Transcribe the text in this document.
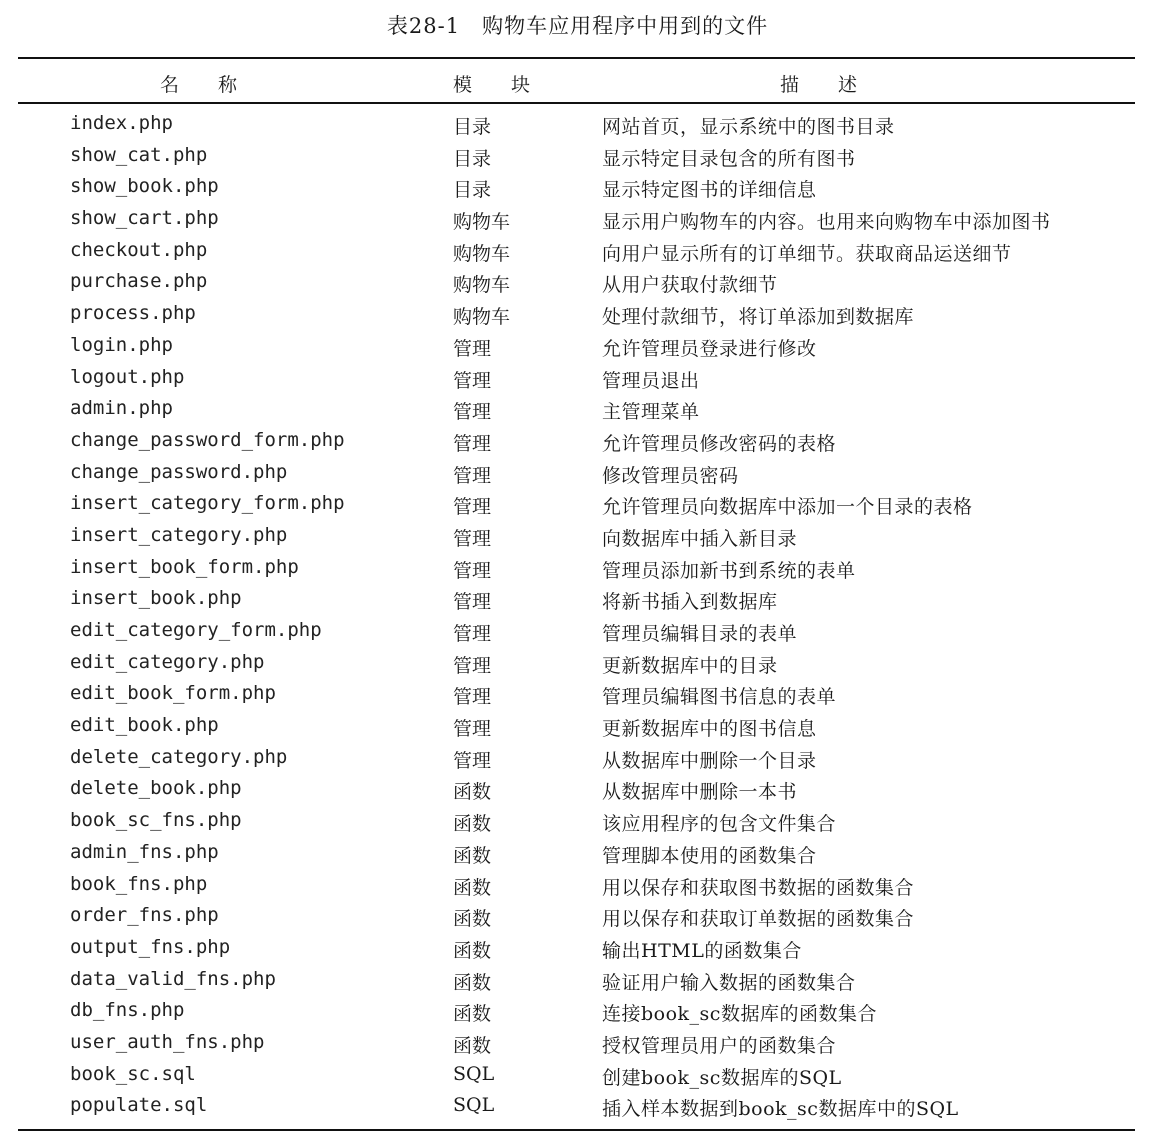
表28-1　购物车应用程序中用到的文件
名 称	模 块	描 述
index.php	目录	网站首页，显示系统中的图书目录
show_cat.php	目录	显示特定目录包含的所有图书
show_book.php	目录	显示特定图书的详细信息
show_cart.php	购物车	显示用户购物车的内容。也用来向购物车中添加图书
checkout.php	购物车	向用户显示所有的订单细节。获取商品运送细节
purchase.php	购物车	从用户获取付款细节
process.php	购物车	处理付款细节，将订单添加到数据库
login.php	管理	允许管理员登录进行修改
logout.php	管理	管理员退出
admin.php	管理	主管理菜单
change_password_form.php	管理	允许管理员修改密码的表格
change_password.php	管理	修改管理员密码
insert_category_form.php	管理	允许管理员向数据库中添加一个目录的表格
insert_category.php	管理	向数据库中插入新目录
insert_book_form.php	管理	管理员添加新书到系统的表单
insert_book.php	管理	将新书插入到数据库
edit_category_form.php	管理	管理员编辑目录的表单
edit_category.php	管理	更新数据库中的目录
edit_book_form.php	管理	管理员编辑图书信息的表单
edit_book.php	管理	更新数据库中的图书信息
delete_category.php	管理	从数据库中删除一个目录
delete_book.php	函数	从数据库中删除一本书
book_sc_fns.php	函数	该应用程序的包含文件集合
admin_fns.php	函数	管理脚本使用的函数集合
book_fns.php	函数	用以保存和获取图书数据的函数集合
order_fns.php	函数	用以保存和获取订单数据的函数集合
output_fns.php	函数	输出HTML的函数集合
data_valid_fns.php	函数	验证用户输入数据的函数集合
db_fns.php	函数	连接book_sc数据库的函数集合
user_auth_fns.php	函数	授权管理员用户的函数集合
book_sc.sql	SQL	创建book_sc数据库的SQL
populate.sql	SQL	插入样本数据到book_sc数据库中的SQL
